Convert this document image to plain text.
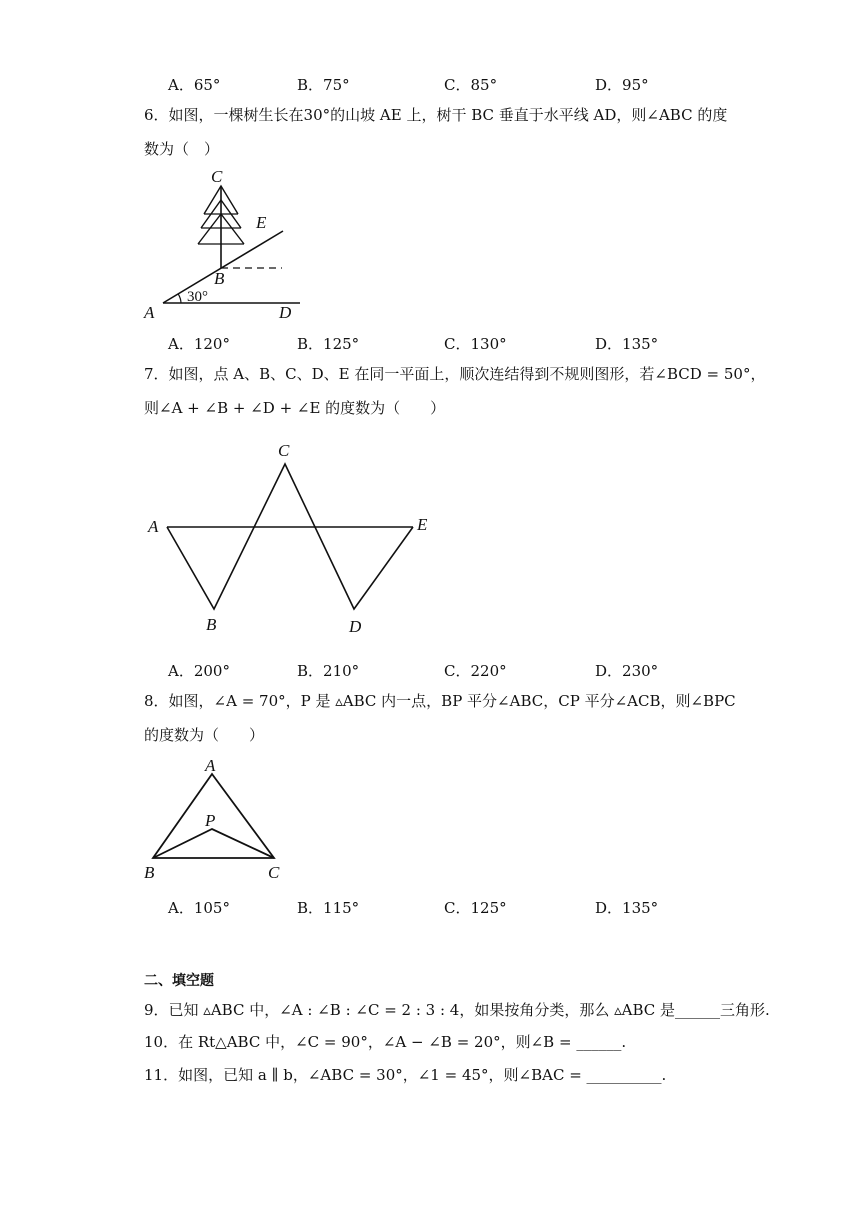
A．65°	B．75°	C．85°	D．95°
6．如图，一棵树生长在30°的山坡 AE 上，树干 BC 垂直于水平线 AD，则∠ABC 的度
数为（　）
C
E
B
A	D
30°
A．120°	B．125°	C．130°	D．135°
7．如图，点 A、B、C、D、E 在同一平面上，顺次连结得到不规则图形，若∠BCD = 50°，
则∠A + ∠B + ∠D + ∠E 的度数为（　　）
C
A	E
B	D
A．200°	B．210°	C．220°	D．230°
8．如图，∠A = 70°，P 是 ▵ABC 内一点，BP 平分∠ABC，CP 平分∠ACB，则∠BPC
的度数为（　　）
A
P
B	C
A．105°	B．115°	C．125°	D．135°
二、填空题
9．已知 ▵ABC 中，∠A : ∠B : ∠C = 2 : 3 : 4，如果按角分类，那么 ▵ABC 是______三角形.
10．在 Rt△ABC 中，∠C = 90°，∠A − ∠B = 20°，则∠B = ______.
11．如图，已知 a ∥ b，∠ABC = 30°，∠1 = 45°，则∠BAC = __________.
